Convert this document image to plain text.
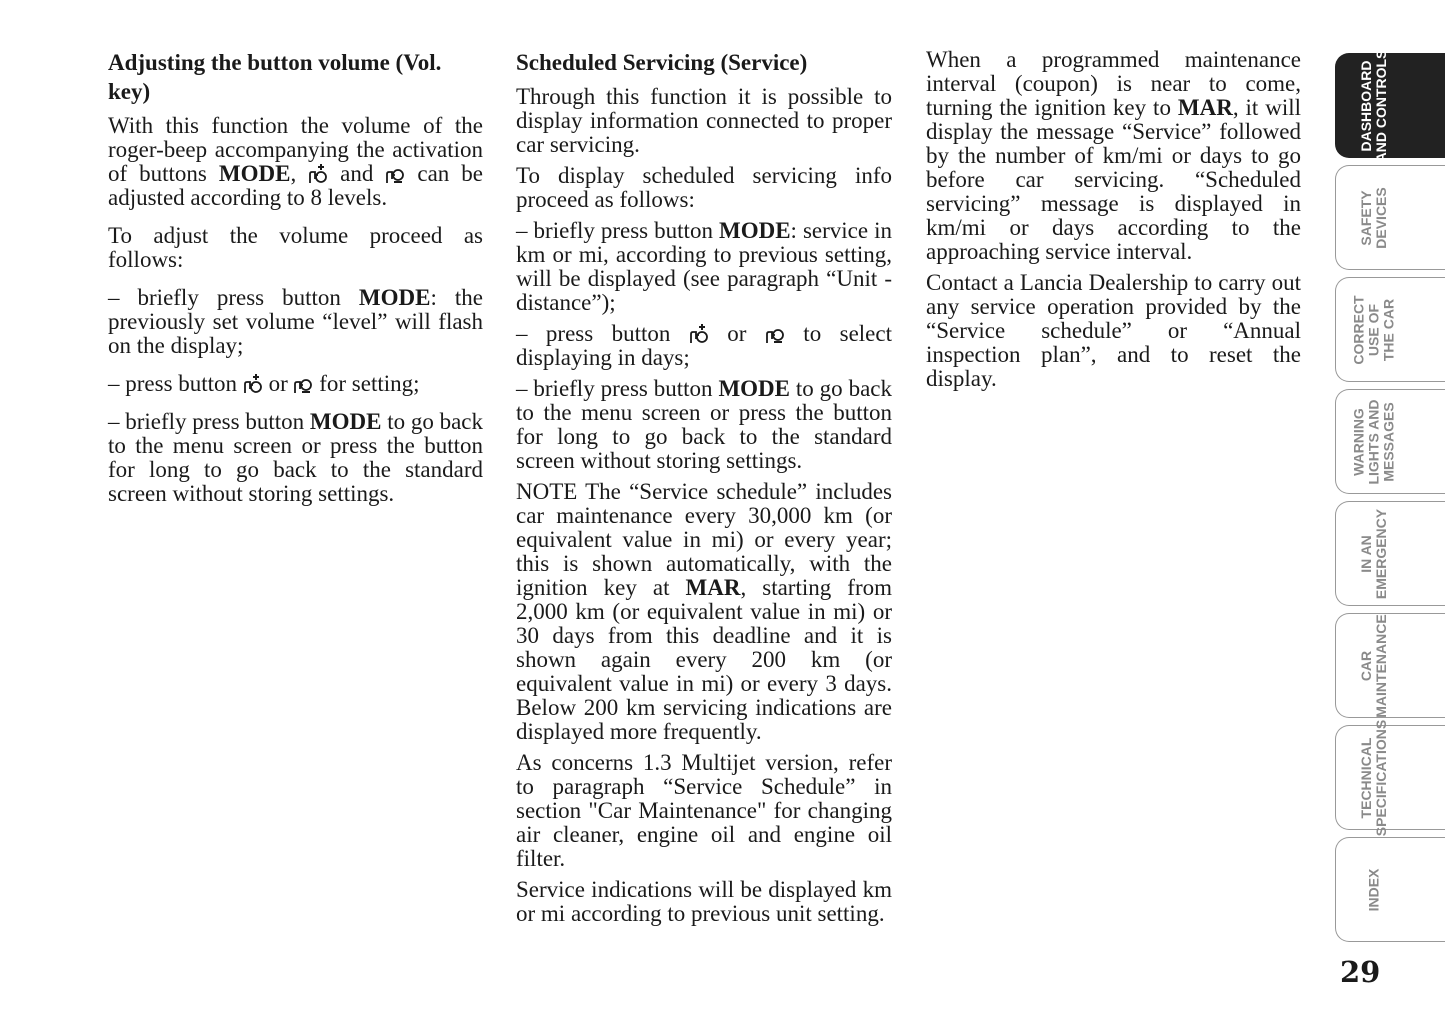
Adjusting the button volume (Vol. key)

With this function the volume of the roger-beep accompanying the activation of buttons MODE,  and  can be adjusted according to 8 levels.

To adjust the volume proceed as follows:

– briefly press button MODE: the previously set volume “level” will flash on the display;

– press button  or  for setting;

– briefly press button MODE to go back to the menu screen or press the button for long to go back to the standard screen without storing settings.

Scheduled Servicing (Service)

Through this function it is possible to display information connected to proper car servicing.

To display scheduled servicing info proceed as follows:

– briefly press button MODE: service in km or mi, according to previous setting, will be displayed (see paragraph “Unit - distance”);

– press button  or  to select displaying in days;

– briefly press button MODE to go back to the menu screen or press the button for long to go back to the standard screen without storing settings.

NOTE The “Service schedule” includes car maintenance every 30,000 km (or equivalent value in mi) or every year; this is shown automatically, with the ignition key at MAR, starting from 2,000 km (or equivalent value in mi) or 30 days from this deadline and it is shown again every 200 km (or equivalent value in mi) or every 3 days. Below 200 km servicing indications are displayed more frequently.

As concerns 1.3 Multijet version, refer to paragraph “Service Schedule” in section "Car Maintenance" for changing air cleaner, engine oil and engine oil filter.

Service indications will be displayed km or mi according to previous unit setting.

When a programmed maintenance interval (coupon) is near to come, turning the ignition key to MAR, it will display the message “Service” followed by the number of km/mi or days to go before car servicing. “Scheduled servicing” message is displayed in km/mi or days according to the approaching service interval.

Contact a Lancia Dealership to carry out any service operation provided by the “Service schedule” or “Annual inspection plan”, and to reset the display.

DASHBOARD
AND CONTROLS
SAFETY
DEVICES
CORRECT
USE OF
THE CAR
WARNING
LIGHTS AND
MESSAGES
IN AN
EMERGENCY
CAR
MAINTENANCE
TECHNICAL
SPECIFICATIONS
INDEX
29
